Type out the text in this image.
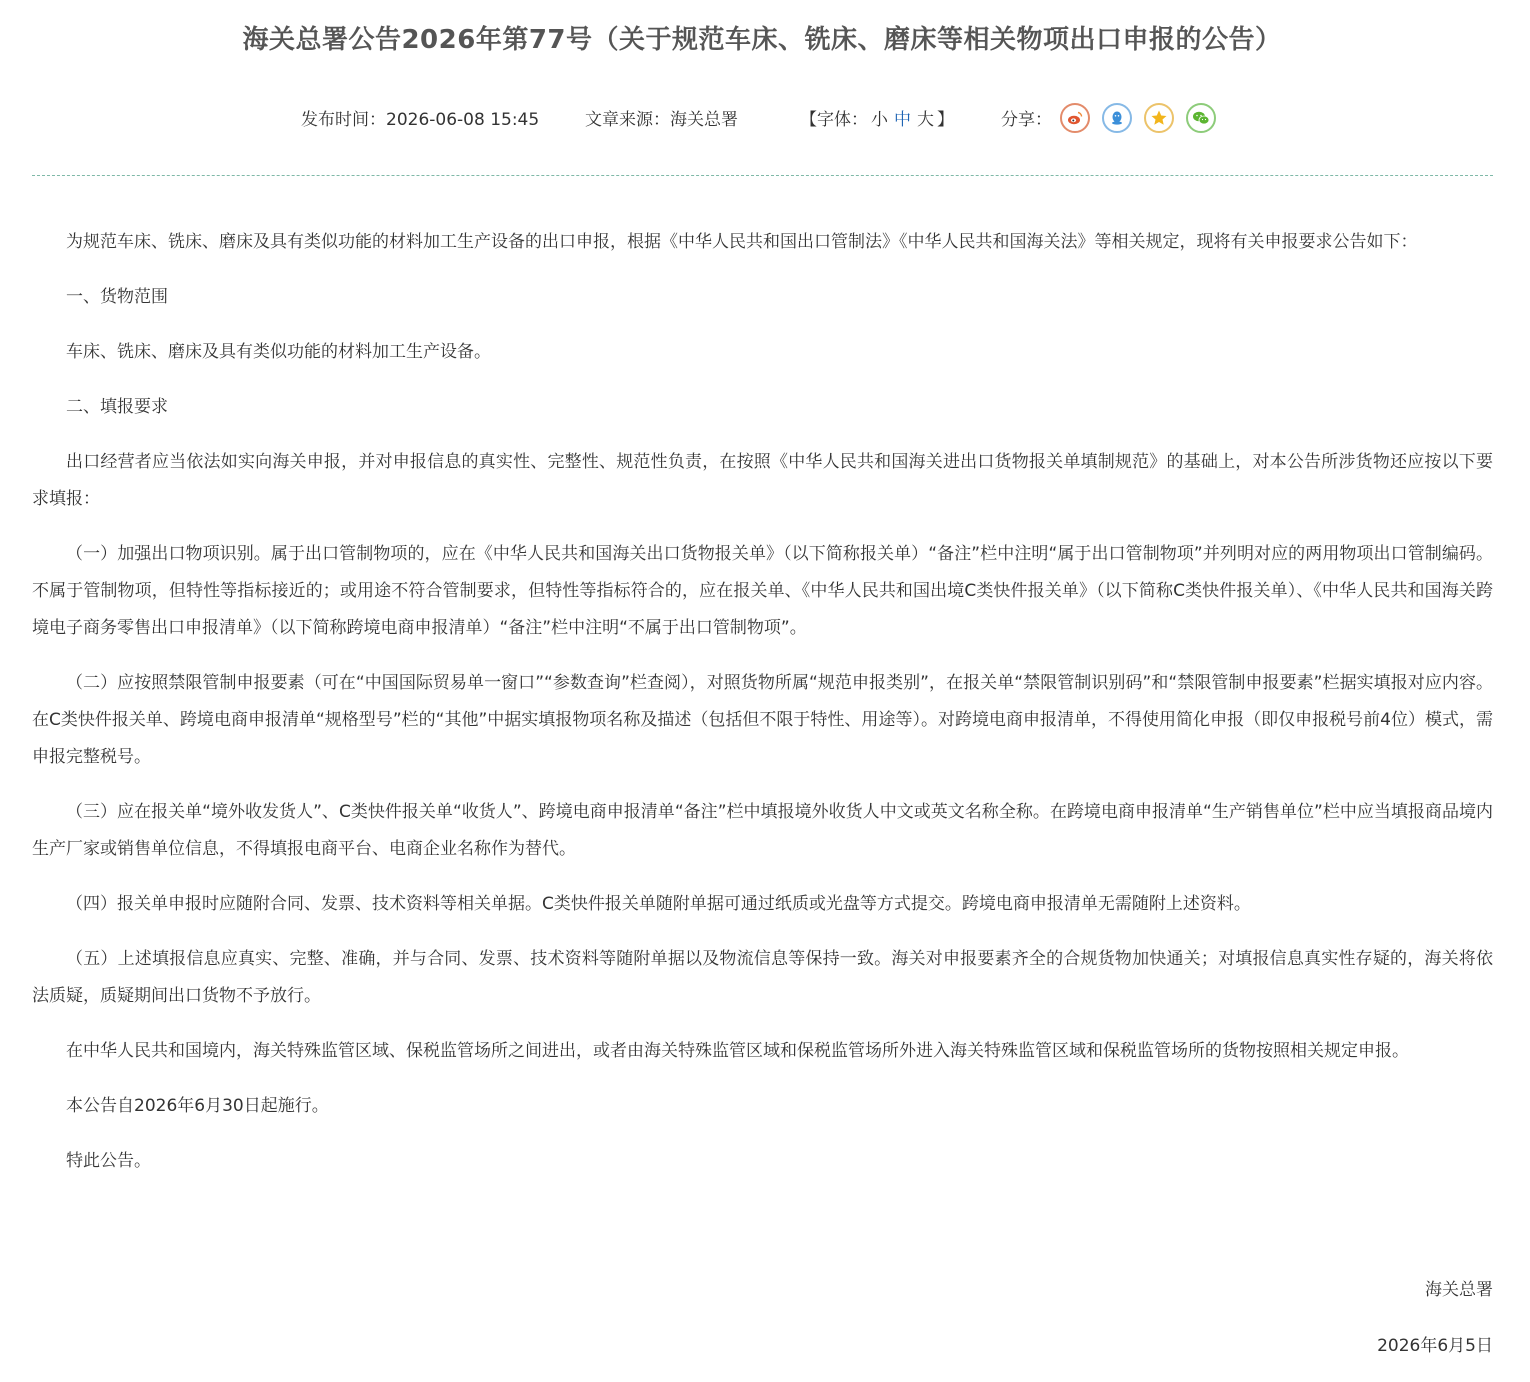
海关总署公告2026年第77号（关于规范车床、铣床、磨床等相关物项出口申报的公告）
发布时间：2026-06-08 15:45	文章来源：海关总署	【字体： 小 中 大 】	分享：

为规范车床、铣床、磨床及具有类似功能的材料加工生产设备的出口申报，根据《中华人民共和国出口管制法》《中华人民共和国海关法》等相关规定，现将有关申报要求公告如下：

一、货物范围

车床、铣床、磨床及具有类似功能的材料加工生产设备。

二、填报要求

出口经营者应当依法如实向海关申报，并对申报信息的真实性、完整性、规范性负责，在按照《中华人民共和国海关进出口货物报关单填制规范》的基础上，对本公告所涉货物还应按以下要求填报：

（一）加强出口物项识别。属于出口管制物项的，应在《中华人民共和国海关出口货物报关单》（以下简称报关单）“备注”栏中注明“属于出口管制物项”并列明对应的两用物项出口管制编码。不属于管制物项，但特性等指标接近的；或用途不符合管制要求，但特性等指标符合的，应在报关单、《中华人民共和国出境C类快件报关单》（以下简称C类快件报关单）、《中华人民共和国海关跨境电子商务零售出口申报清单》（以下简称跨境电商申报清单）“备注”栏中注明“不属于出口管制物项”。

（二）应按照禁限管制申报要素（可在“中国国际贸易单一窗口”“参数查询”栏查阅），对照货物所属“规范申报类别”，在报关单“禁限管制识别码”和“禁限管制申报要素”栏据实填报对应内容。在C类快件报关单、跨境电商申报清单“规格型号”栏的“其他”中据实填报物项名称及描述（包括但不限于特性、用途等）。对跨境电商申报清单，不得使用简化申报（即仅申报税号前4位）模式，需申报完整税号。

（三）应在报关单“境外收发货人”、C类快件报关单“收货人”、跨境电商申报清单“备注”栏中填报境外收货人中文或英文名称全称。在跨境电商申报清单“生产销售单位”栏中应当填报商品境内生产厂家或销售单位信息，不得填报电商平台、电商企业名称作为替代。

（四）报关单申报时应随附合同、发票、技术资料等相关单据。C类快件报关单随附单据可通过纸质或光盘等方式提交。跨境电商申报清单无需随附上述资料。

（五）上述填报信息应真实、完整、准确，并与合同、发票、技术资料等随附单据以及物流信息等保持一致。海关对申报要素齐全的合规货物加快通关；对填报信息真实性存疑的，海关将依法质疑，质疑期间出口货物不予放行。

在中华人民共和国境内，海关特殊监管区域、保税监管场所之间进出，或者由海关特殊监管区域和保税监管场所外进入海关特殊监管区域和保税监管场所的货物按照相关规定申报。

本公告自2026年6月30日起施行。

特此公告。

海关总署
2026年6月5日
